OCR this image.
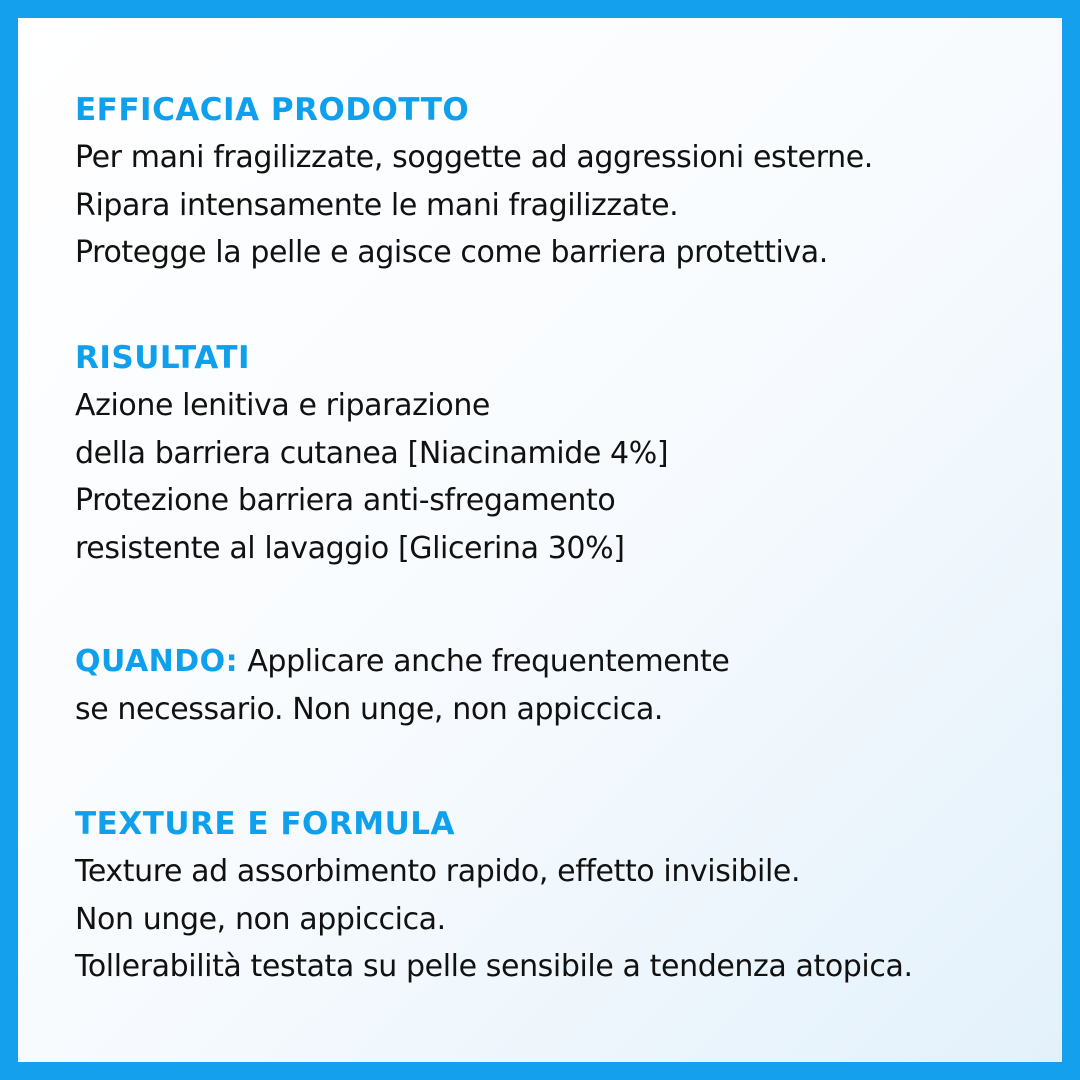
EFFICACIA PRODOTTO
Per mani fragilizzate, soggette ad aggressioni esterne.
Ripara intensamente le mani fragilizzate.
Protegge la pelle e agisce come barriera protettiva.
RISULTATI
Azione lenitiva e riparazione
della barriera cutanea [Niacinamide 4%]
Protezione barriera anti-sfregamento
resistente al lavaggio [Glicerina 30%]
QUANDO: Applicare anche frequentemente
se necessario. Non unge, non appiccica.
TEXTURE E FORMULA
Texture ad assorbimento rapido, effetto invisibile.
Non unge, non appiccica.
Tollerabilità testata su pelle sensibile a tendenza atopica.
